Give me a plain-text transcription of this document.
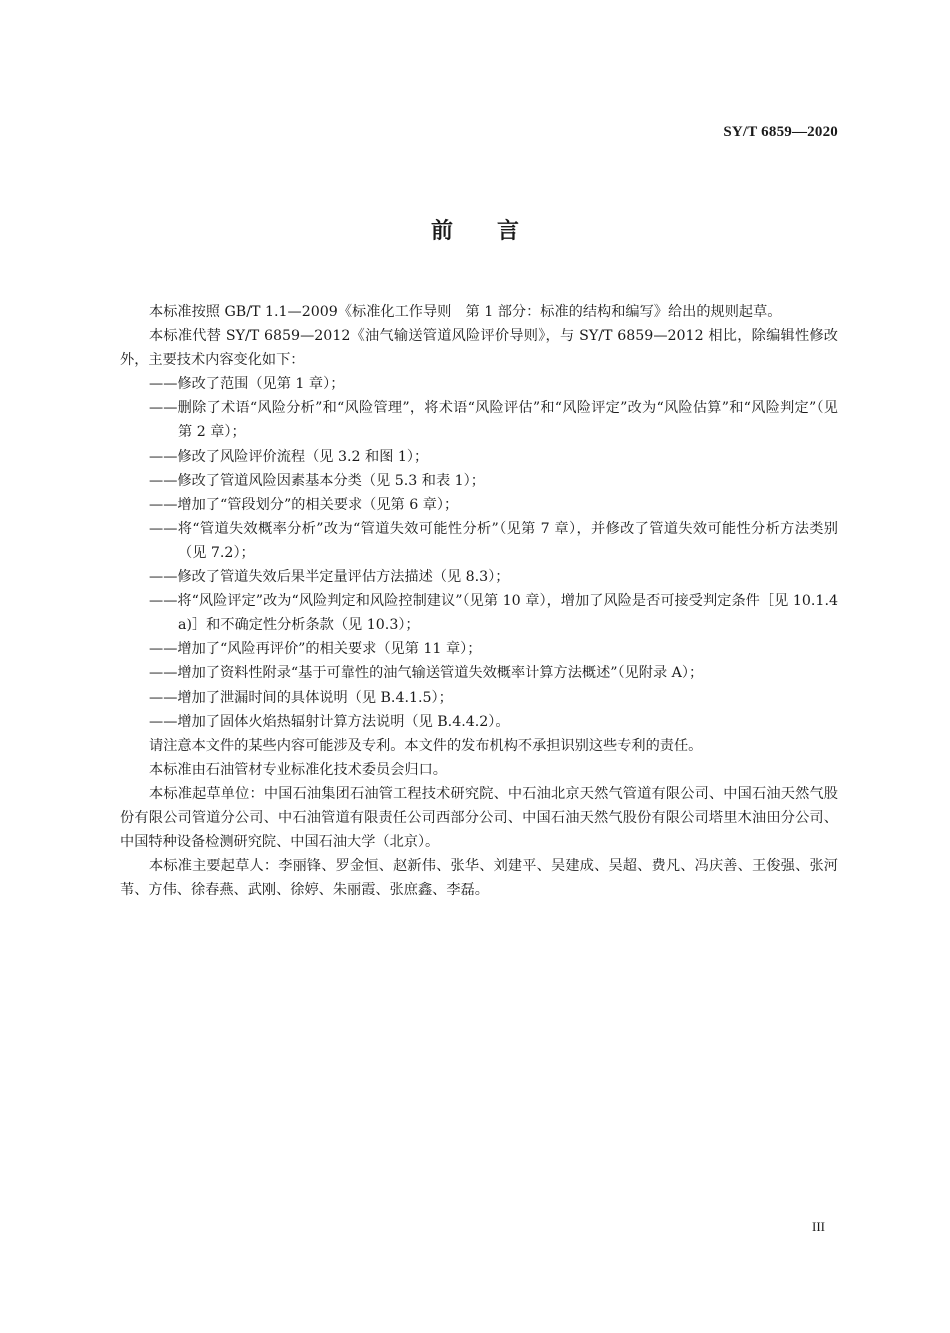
SY/T 6859—2020
前言

本标准按照 GB/T 1.1—2009《标准化工作导则　第 1 部分：标准的结构和编写》给出的规则起草。

本标准代替 SY/T 6859—2012《油气输送管道风险评价导则》，与 SY/T 6859—2012 相比，除编辑性修改外，主要技术内容变化如下：

——修改了范围（见第 1 章）；

——删除了术语“风险分析”和“风险管理”，将术语“风险评估”和“风险评定”改为“风险估算”和“风险判定”（见第 2 章）；

——修改了风险评价流程（见 3.2 和图 1）；

——修改了管道风险因素基本分类（见 5.3 和表 1）；

——增加了“管段划分”的相关要求（见第 6 章）；

——将“管道失效概率分析”改为“管道失效可能性分析”（见第 7 章），并修改了管道失效可能性分析方法类别（见 7.2）；

——修改了管道失效后果半定量评估方法描述（见 8.3）；

——将“风险评定”改为“风险判定和风险控制建议”（见第 10 章），增加了风险是否可接受判定条件［见 10.1.4　a)］和不确定性分析条款（见 10.3）；

——增加了“风险再评价”的相关要求（见第 11 章）；

——增加了资料性附录“基于可靠性的油气输送管道失效概率计算方法概述”（见附录 A）；

——增加了泄漏时间的具体说明（见 B.4.1.5）；

——增加了固体火焰热辐射计算方法说明（见 B.4.4.2）。

请注意本文件的某些内容可能涉及专利。本文件的发布机构不承担识别这些专利的责任。

本标准由石油管材专业标准化技术委员会归口。

本标准起草单位：中国石油集团石油管工程技术研究院、中石油北京天然气管道有限公司、中国石油天然气股份有限公司管道分公司、中石油管道有限责任公司西部分公司、中国石油天然气股份有限公司塔里木油田分公司、中国特种设备检测研究院、中国石油大学（北京）。

本标准主要起草人：李丽锋、罗金恒、赵新伟、张华、刘建平、吴建成、吴超、费凡、冯庆善、王俊强、张河苇、方伟、徐春燕、武刚、徐婷、朱丽霞、张庶鑫、李磊。

III
